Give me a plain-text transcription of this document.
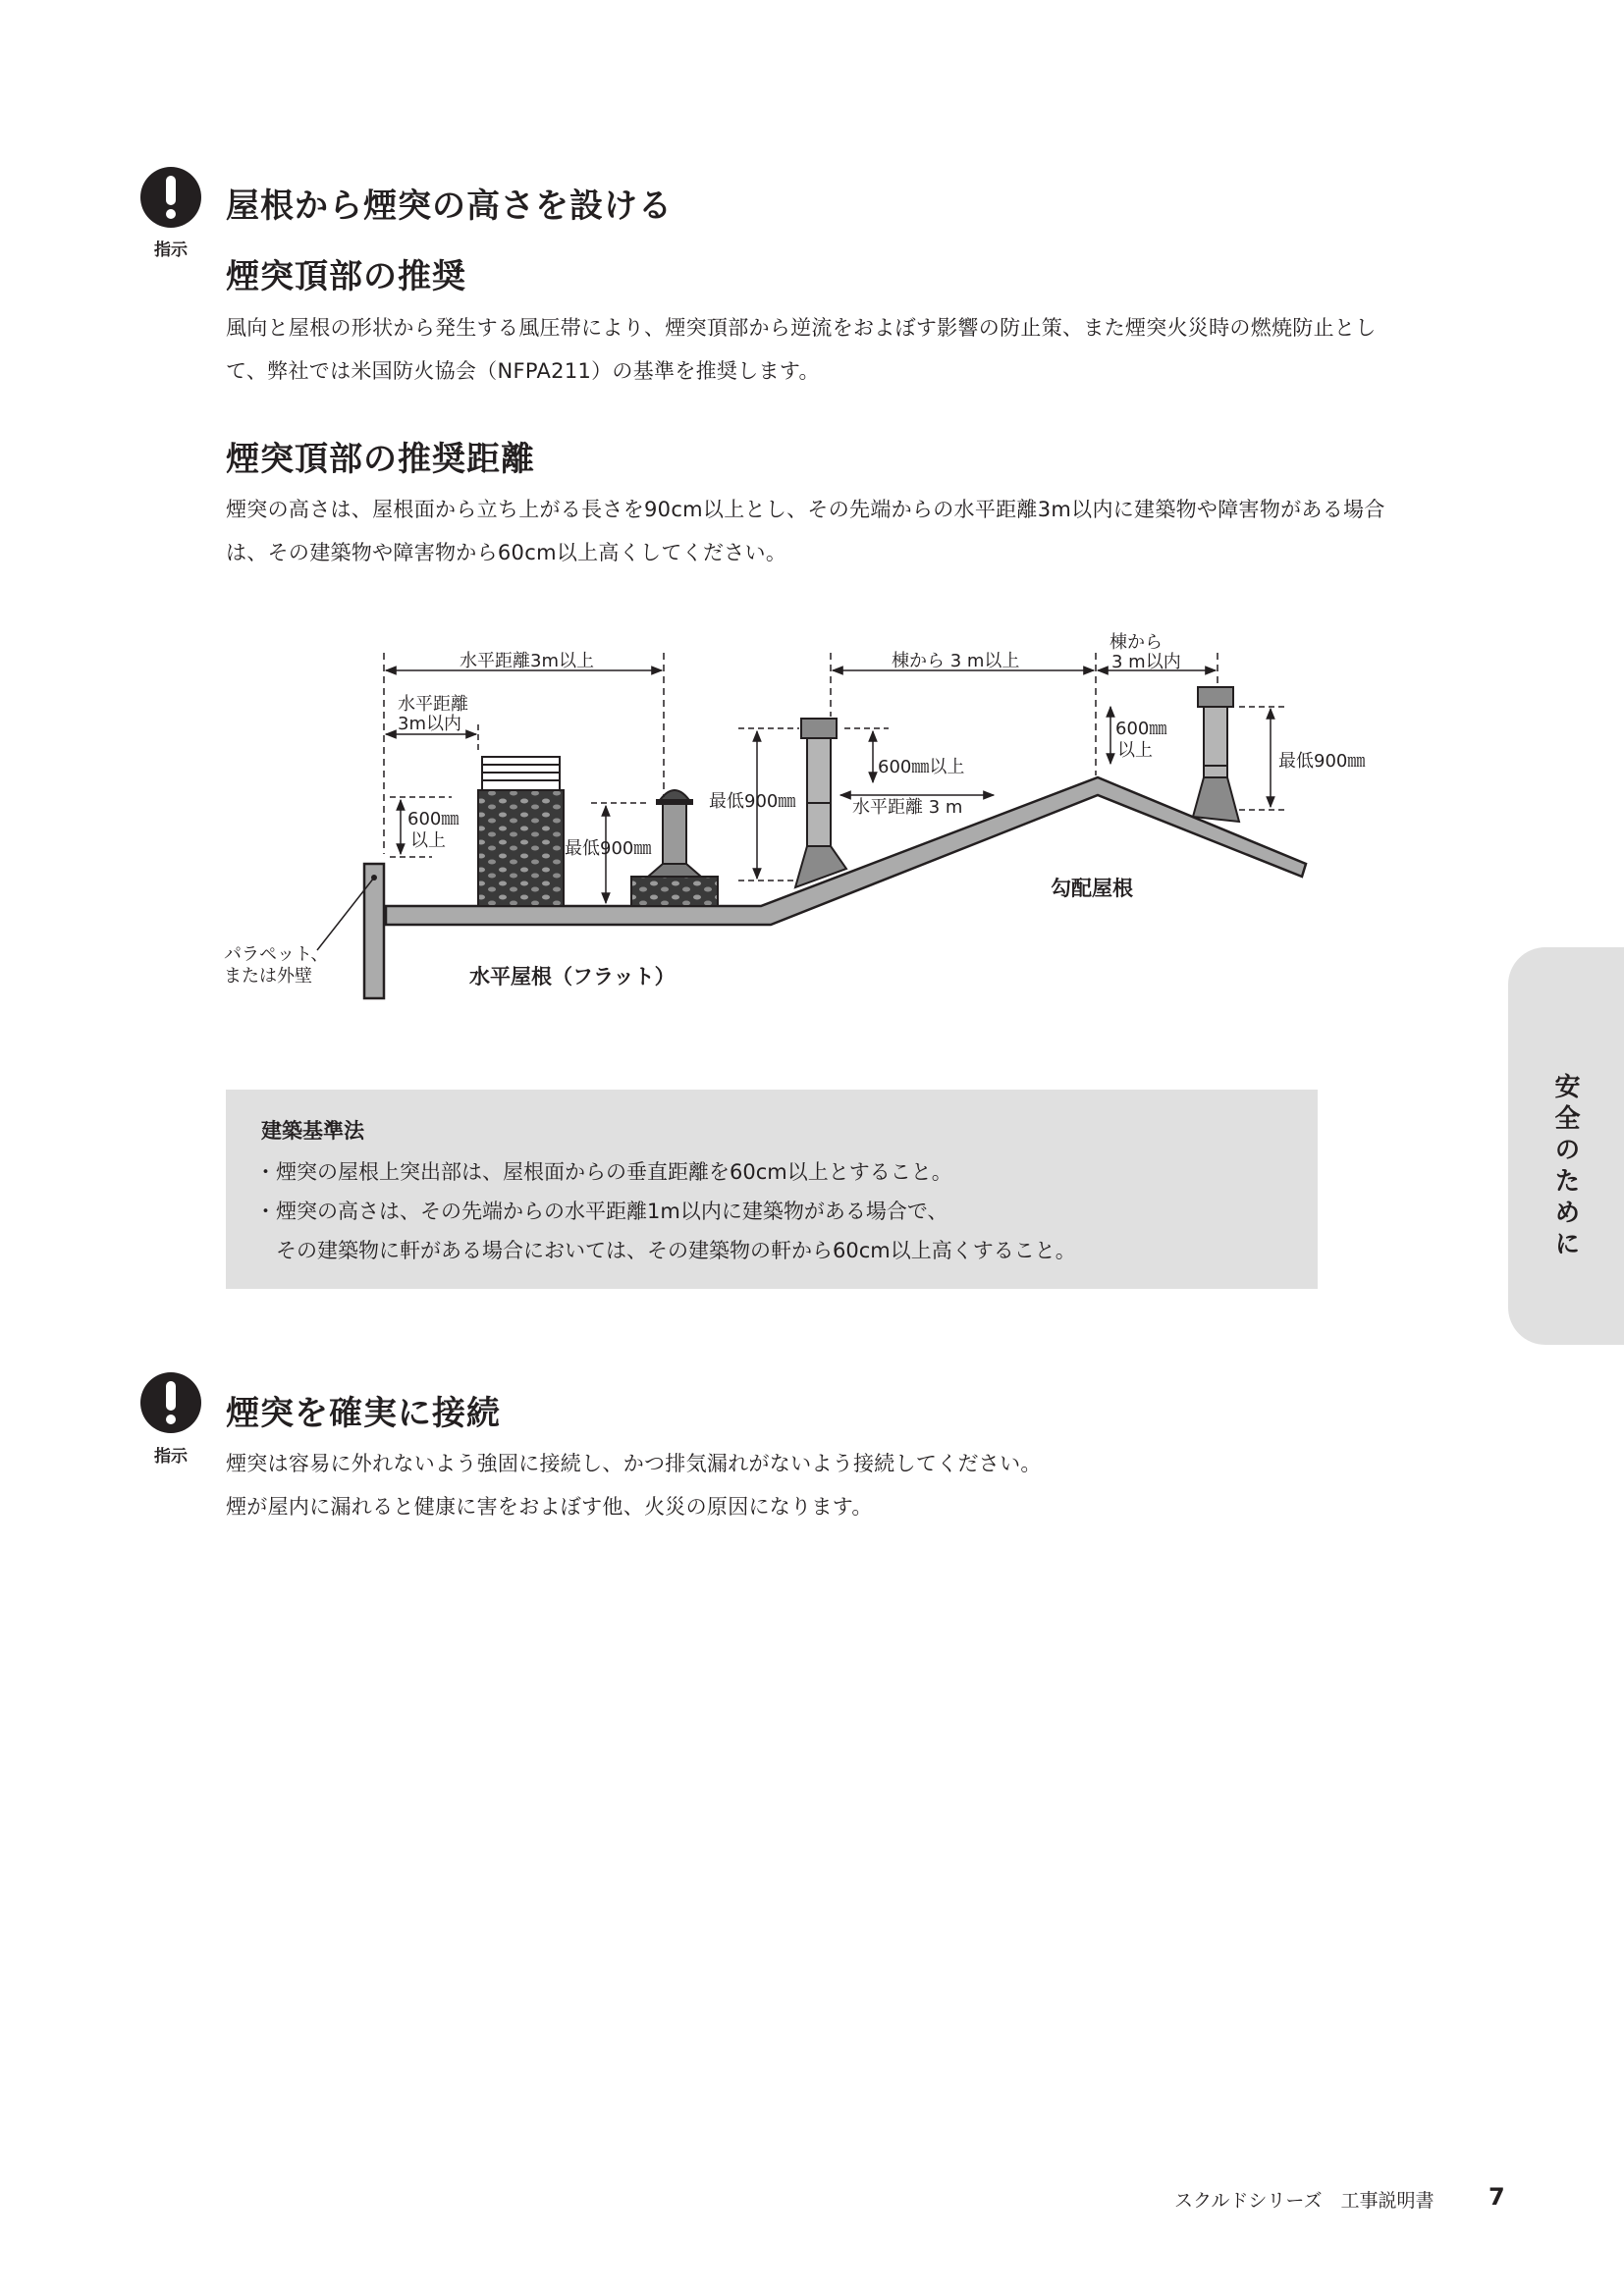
指示
屋根から煙突の高さを設ける
煙突頂部の推奨
風向と屋根の形状から発生する風圧帯により、煙突頂部から逆流をおよぼす影響の防止策、また煙突火災時の燃焼防止とし
て、弊社では米国防火協会（NFPA211）の基準を推奨します。
煙突頂部の推奨距離
煙突の高さは、屋根面から立ち上がる長さを90cm以上とし、その先端からの水平距離3m以内に建築物や障害物がある場合
は、その建築物や障害物から60cm以上高くしてください。
水平距離3m以上
水平距離
3m以内
600㎜
以上	最低900㎜
最低900㎜
600㎜以上
水平距離 3 m
棟から 3 m以上
棟から
3 m以内
600㎜
以上
最低900㎜
パラペット、
または外壁
勾配屋根
水平屋根（フラット）
建築基準法
・煙突の屋根上突出部は、屋根面からの垂直距離を60cm以上とすること。
・煙突の高さは、その先端からの水平距離1m以内に建築物がある場合で、
　その建築物に軒がある場合においては、その建築物の軒から60cm以上高くすること。
指示
煙突を確実に接続
煙突は容易に外れないよう強固に接続し、かつ排気漏れがないよう接続してください。
煙が屋内に漏れると健康に害をおよぼす他、火災の原因になります。
安全のために
スクルドシリーズ　工事説明書 7
